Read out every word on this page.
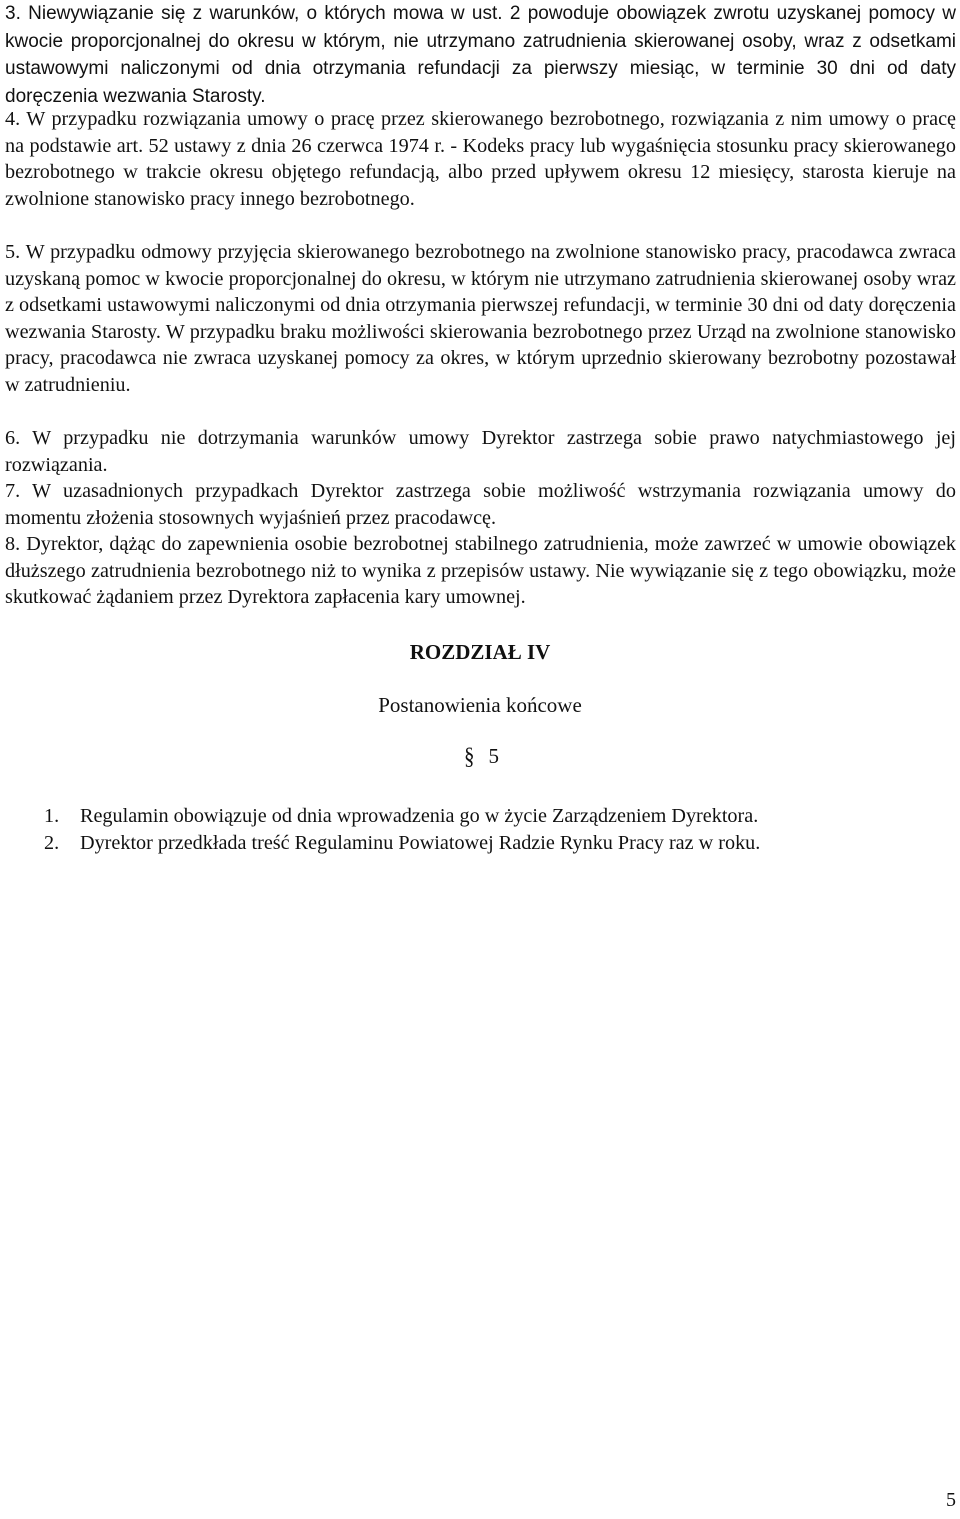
3. Niewywiązanie się z warunków, o których mowa w ust. 2 powoduje obowiązek zwrotu uzyskanej pomocy w kwocie proporcjonalnej do okresu w którym, nie utrzymano zatrudnienia skierowanej osoby, wraz z odsetkami ustawowymi naliczonymi od dnia otrzymania refundacji za pierwszy miesiąc, w terminie 30 dni od daty doręczenia wezwania Starosty.

4. W przypadku rozwiązania umowy o pracę przez skierowanego bezrobotnego, rozwiązania z nim umowy o pracę na podstawie art. 52 ustawy z dnia 26 czerwca 1974 r. - Kodeks pracy lub wygaśnięcia stosunku pracy skierowanego bezrobotnego w trakcie okresu objętego refundacją, albo przed upływem okresu 12 miesięcy, starosta kieruje na zwolnione stanowisko pracy innego bezrobotnego.

5. W przypadku odmowy przyjęcia skierowanego bezrobotnego na zwolnione stanowisko pracy, pracodawca zwraca uzyskaną pomoc w kwocie proporcjonalnej do okresu, w którym nie utrzymano zatrudnienia skierowanej osoby wraz z odsetkami ustawowymi naliczonymi od dnia otrzymania pierwszej refundacji, w terminie 30 dni od daty doręczenia wezwania Starosty. W przypadku braku możliwości skierowania bezrobotnego przez Urząd na zwolnione stanowisko pracy, pracodawca nie zwraca uzyskanej pomocy za okres, w którym uprzednio skierowany bezrobotny pozostawał w zatrudnieniu.

6. W przypadku nie dotrzymania warunków umowy Dyrektor zastrzega sobie prawo natychmiastowego jej rozwiązania.

7. W uzasadnionych przypadkach Dyrektor zastrzega sobie możliwość wstrzymania rozwiązania umowy do momentu złożenia stosownych wyjaśnień przez pracodawcę.

8. Dyrektor, dążąc do zapewnienia osobie bezrobotnej stabilnego zatrudnienia, może zawrzeć w umowie obowiązek dłuższego zatrudnienia bezrobotnego niż to wynika z przepisów ustawy. Nie wywiązanie się z tego obowiązku, może skutkować żądaniem przez Dyrektora zapłacenia kary umownej.

ROZDZIAŁ IV
Postanowienia końcowe
§ 5
1.	Regulamin obowiązuje od dnia wprowadzenia go w życie Zarządzeniem Dyrektora.
2.	Dyrektor przedkłada treść Regulaminu Powiatowej Radzie Rynku Pracy raz w roku.
5
